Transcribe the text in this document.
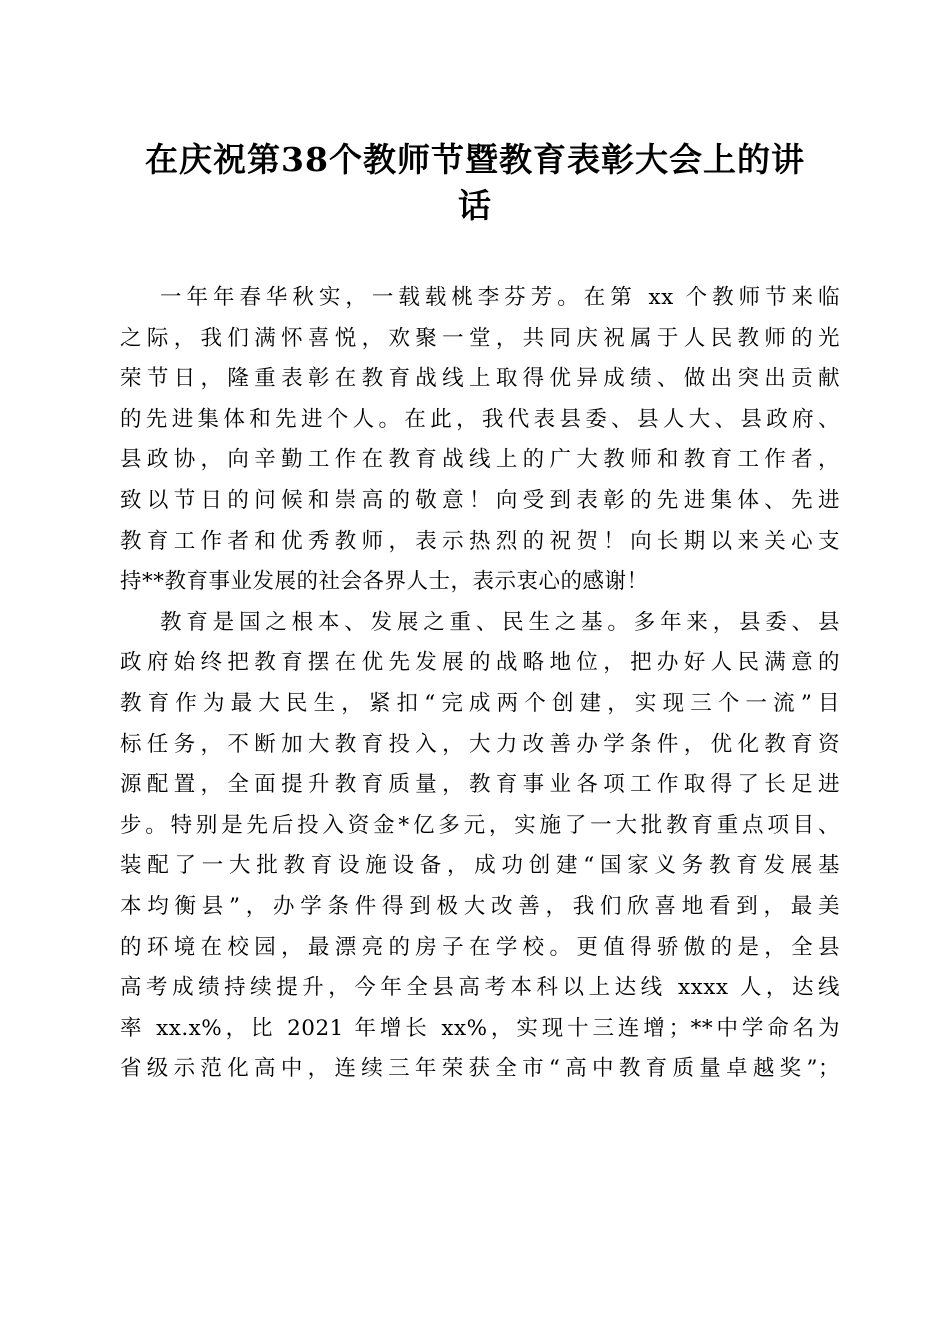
在庆祝第38个教师节暨教育表彰大会上的讲
话
一年年春华秋实，一载载桃李芬芳。在第 xx 个教师节来临
之际，我们满怀喜悦，欢聚一堂，共同庆祝属于人民教师的光
荣节日，隆重表彰在教育战线上取得优异成绩、做出突出贡献
的先进集体和先进个人。在此，我代表县委、县人大、县政府、
县政协，向辛勤工作在教育战线上的广大教师和教育工作者，
致以节日的问候和崇高的敬意！向受到表彰的先进集体、先进
教育工作者和优秀教师，表示热烈的祝贺！向长期以来关心支
持**教育事业发展的社会各界人士，表示衷心的感谢！
教育是国之根本、发展之重、民生之基。多年来，县委、县
政府始终把教育摆在优先发展的战略地位，把办好人民满意的
教育作为最大民生，紧扣“完成两个创建，实现三个一流”目
标任务，不断加大教育投入，大力改善办学条件，优化教育资
源配置，全面提升教育质量，教育事业各项工作取得了长足进
步。特别是先后投入资金*亿多元，实施了一大批教育重点项目、
装配了一大批教育设施设备，成功创建“国家义务教育发展基
本均衡县”，办学条件得到极大改善，我们欣喜地看到，最美
的环境在校园，最漂亮的房子在学校。更值得骄傲的是，全县
高考成绩持续提升，今年全县高考本科以上达线 xxxx 人，达线
率 xx.x%，比 2021 年增长 xx%，实现十三连增；**中学命名为
省级示范化高中，连续三年荣获全市“高中教育质量卓越奖”；
